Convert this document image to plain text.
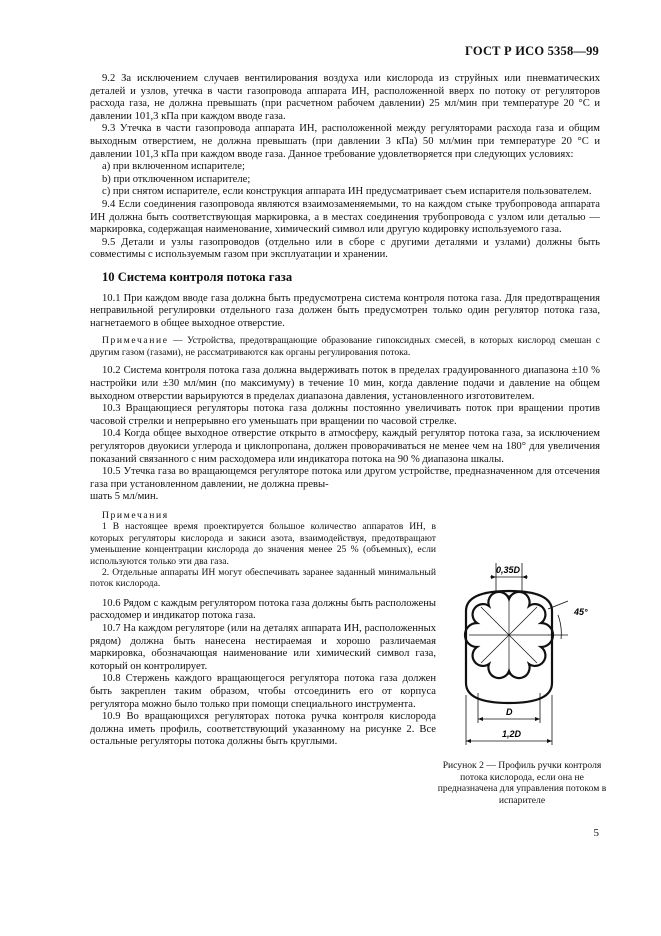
ГОСТ Р ИСО 5358—99

9.2 За исключением случаев вентилирования воздуха или кислорода из струйных или пневматических деталей и узлов, утечка в части газопровода аппарата ИН, расположенной вверх по потоку от регуляторов расхода газа, не должна превышать (при расчетном рабочем давлении) 25 мл/мин при температуре 20 °С и давлении 101,3 кПа при каждом вводе газа.

9.3 Утечка в части газопровода аппарата ИН, расположенной между регуляторами расхода газа и общим выходным отверстием, не должна превышать (при давлении 3 кПа) 50 мл/мин при температуре 20 °С и давлении 101,3 кПа при каждом вводе газа. Данное требование удовлетворяется при следующих условиях:

a) при включенном испарителе;

b) при отключенном испарителе;

c) при снятом испарителе, если конструкция аппарата ИН предусматривает съем испарителя пользователем.

9.4 Если соединения газопровода являются взаимозаменяемыми, то на каждом стыке трубопровода аппарата ИН должна быть соответствующая маркировка, а в местах соединения трубопровода с узлом или деталью — маркировка, содержащая наименование, химический символ или другую кодировку используемого газа.

9.5 Детали и узлы газопроводов (отдельно или в сборе с другими деталями и узлами) должны быть совместимы с используемым газом при эксплуатации и хранении.

10 Система контроля потока газа

10.1 При каждом вводе газа должна быть предусмотрена система контроля потока газа. Для предотвращения неправильной регулировки отдельного газа должен быть предусмотрен только один регулятор потока газа, нагнетаемого в общее выходное отверстие.

Примечание — Устройства, предотвращающие образование гипоксидных смесей, в которых кислород смешан с другим газом (газами), не рассматриваются как органы регулирования потока.

10.2 Система контроля потока газа должна выдерживать поток в пределах градуированного диапазона ±10 % настройки или ±30 мл/мин (по максимуму) в течение 10 мин, когда давление подачи и давление на общем выходном отверстии варьируются в пределах диапазона давления, установленного изготовителем.

10.3 Вращающиеся регуляторы потока газа должны постоянно увеличивать поток при вращении против часовой стрелки и непрерывно его уменьшать при вращении по часовой стрелке.

10.4 Когда общее выходное отверстие открыто в атмосферу, каждый регулятор потока газа, за исключением регуляторов двуокиси углерода и циклопропана, должен проворачиваться не менее чем на 180° для увеличения показаний связанного с ним расходомера или индикатора потока на 90 % диапазона шкалы.

10.5 Утечка газа во вращающемся регуляторе потока или другом устройстве, предназначенном для отсечения газа при установленном давлении, не должна превы-

шать 5 мл/мин.

Примечания

1 В настоящее время проектируется большое количество аппаратов ИН, в которых регуляторы кислорода и закиси азота, взаимодействуя, предотвращают уменьшение концентрации кислорода до значения менее 25 % (объемных), если используются только эти два газа.

2. Отдельные аппараты ИН могут обеспечивать заранее заданный минимальный поток кислорода.

10.6 Рядом с каждым регулятором потока газа должны быть расположены расходомер и индикатор потока газа.

10.7 На каждом регуляторе (или на деталях аппарата ИН, расположенных рядом) должна быть нанесена нестираемая и хорошо различаемая маркировка, обозначающая наименование или химический символ газа, который он контролирует.

10.8 Стержень каждого вращающегося регулятора потока газа должен быть закреплен таким образом, чтобы отсоединить его от корпуса регулятора можно было только при помощи специального инструмента.

10.9 Во вращающихся регуляторах потока ручка контроля кислорода должна иметь профиль, соответствующий указанному на рисунке 2. Все остальные регуляторы потока должны быть круглыми.

0,35D
45°
D
1,2D
Рисунок 2 — Профиль ручки контроля потока кислорода, если она не предназначена для управления потоком в испарителе
5
